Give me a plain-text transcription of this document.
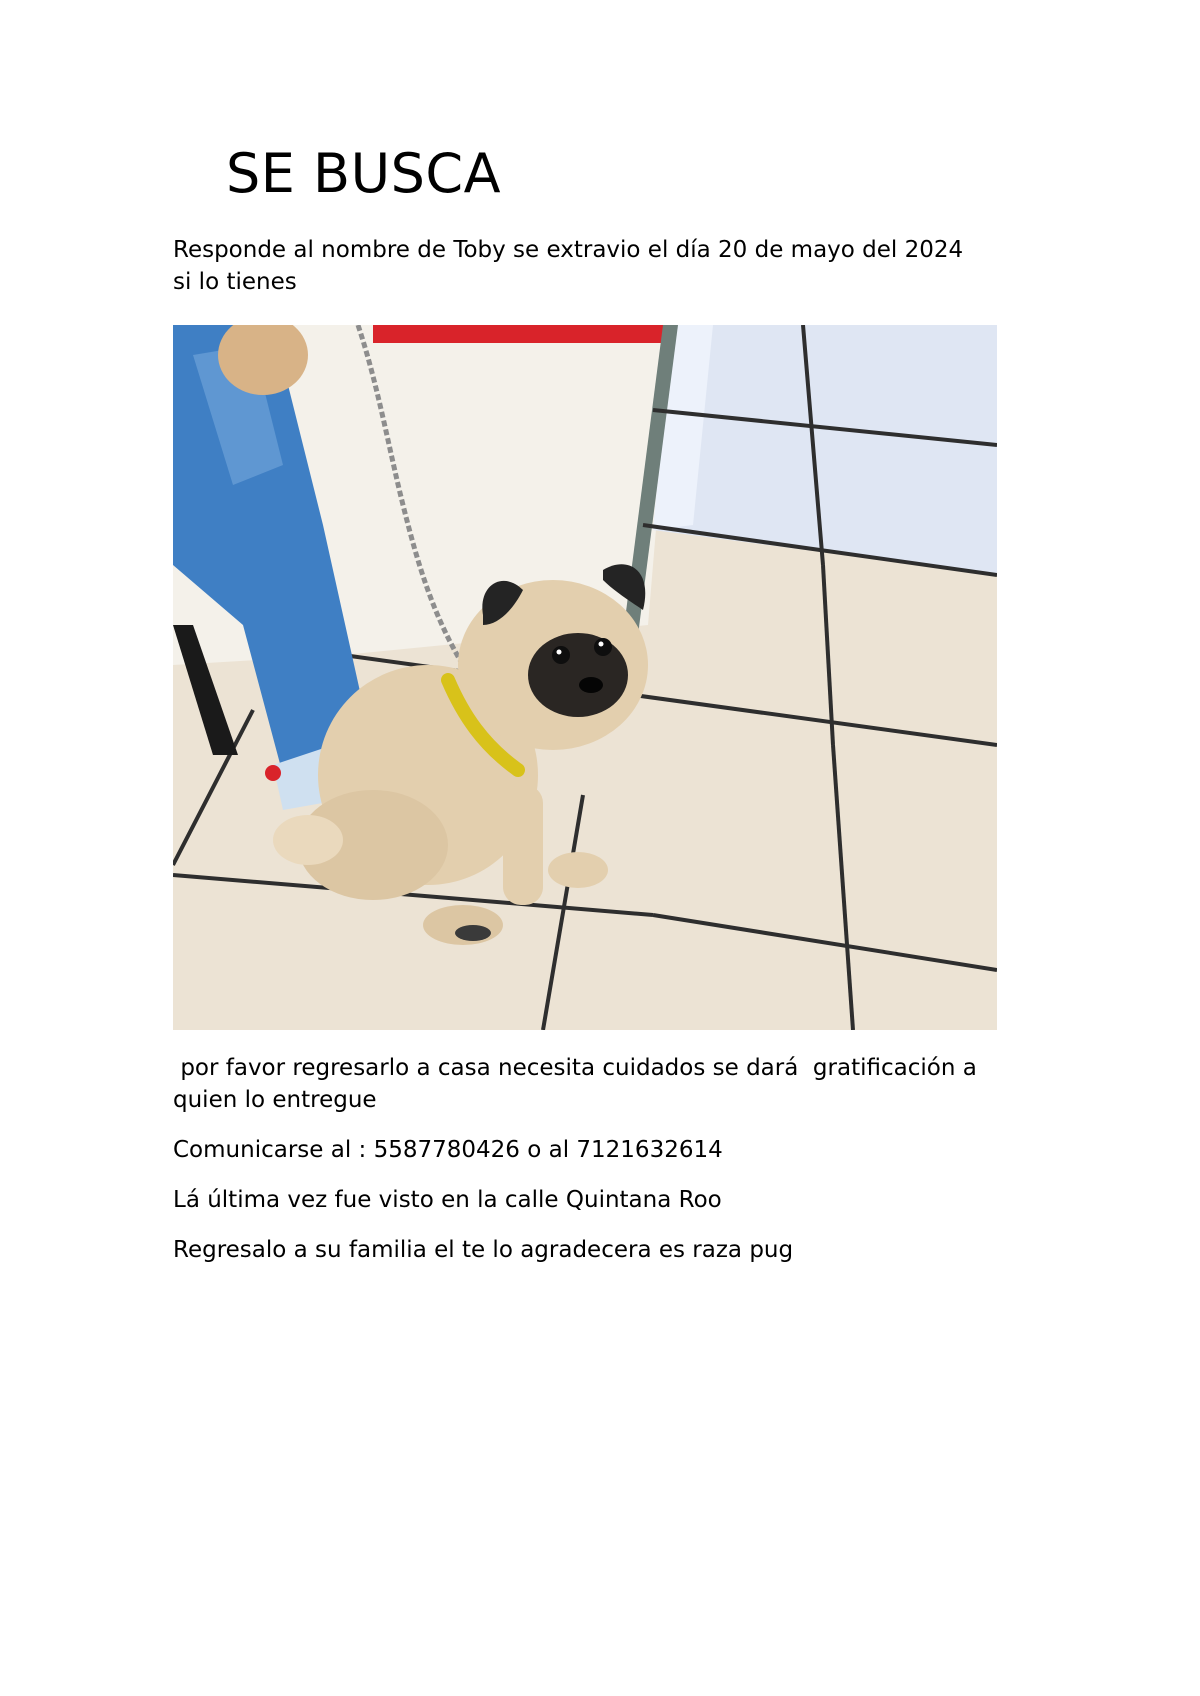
SE BUSCA

Responde al nombre de Toby se extravio el día 20 de mayo del 2024
si lo tienes

por favor regresarlo a casa necesita cuidados se dará  gratificación a
quien lo entregue

Comunicarse al : 5587780426 o al 7121632614

Lá última vez fue visto en la calle Quintana Roo

Regresalo a su familia el te lo agradecera es raza pug
